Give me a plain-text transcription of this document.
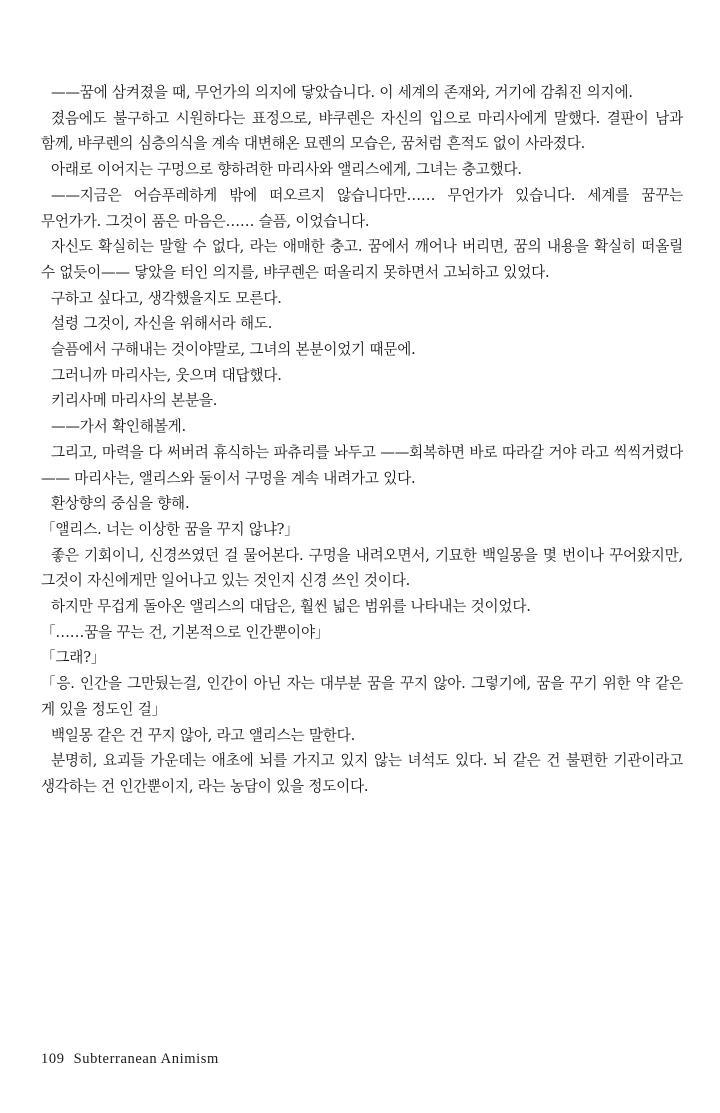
——꿈에 삼켜졌을 때, 무언가의 의지에 닿았습니다. 이 세계의 존재와, 거기에 감춰진 의지에.

졌음에도 불구하고 시원하다는 표정으로, 뱌쿠렌은 자신의 입으로 마리사에게 말했다. 결판이 남과 함께, 뱌쿠렌의 심층의식을 계속 대변해온 묘렌의 모습은, 꿈처럼 흔적도 없이 사라졌다.

아래로 이어지는 구멍으로 향하려한 마리사와 앨리스에게, 그녀는 충고했다.

——지금은 어슴푸레하게 밖에 떠오르지 않습니다만…… 무언가가 있습니다. 세계를 꿈꾸는 무언가가. 그것이 품은 마음은…… 슬픔, 이었습니다.

자신도 확실히는 말할 수 없다, 라는 애매한 충고. 꿈에서 깨어나 버리면, 꿈의 내용을 확실히 떠올릴 수 없듯이—— 닿았을 터인 의지를, 뱌쿠렌은 떠올리지 못하면서 고뇌하고 있었다.

구하고 싶다고, 생각했을지도 모른다.

설령 그것이, 자신을 위해서라 해도.

슬픔에서 구해내는 것이야말로, 그녀의 본분이었기 때문에.

그러니까 마리사는, 웃으며 대답했다.

키리사메 마리사의 본분을.

——가서 확인해볼게.

그리고, 마력을 다 써버려 휴식하는 파츄리를 놔두고 ——회복하면 바로 따라갈 거야 라고 씩씩거렸다—— 마리사는, 앨리스와 둘이서 구멍을 계속 내려가고 있다.

환상향의 중심을 향해.

「앨리스. 너는 이상한 꿈을 꾸지 않냐?」

좋은 기회이니, 신경쓰였던 걸 물어본다. 구멍을 내려오면서, 기묘한 백일몽을 몇 번이나 꾸어왔지만, 그것이 자신에게만 일어나고 있는 것인지 신경 쓰인 것이다.

하지만 무겁게 돌아온 앨리스의 대답은, 훨씬 넓은 범위를 나타내는 것이었다.

「……꿈을 꾸는 건, 기본적으로 인간뿐이야」

「그래?」

「응. 인간을 그만뒀는걸, 인간이 아닌 자는 대부분 꿈을 꾸지 않아. 그렇기에, 꿈을 꾸기 위한 약 같은 게 있을 정도인 걸」

백일몽 같은 건 꾸지 않아, 라고 앨리스는 말한다.

분명히, 요괴들 가운데는 애초에 뇌를 가지고 있지 않는 녀석도 있다. 뇌 같은 건 불편한 기관이라고 생각하는 건 인간뿐이지, 라는 농담이 있을 정도이다.

109 Subterranean Animism
